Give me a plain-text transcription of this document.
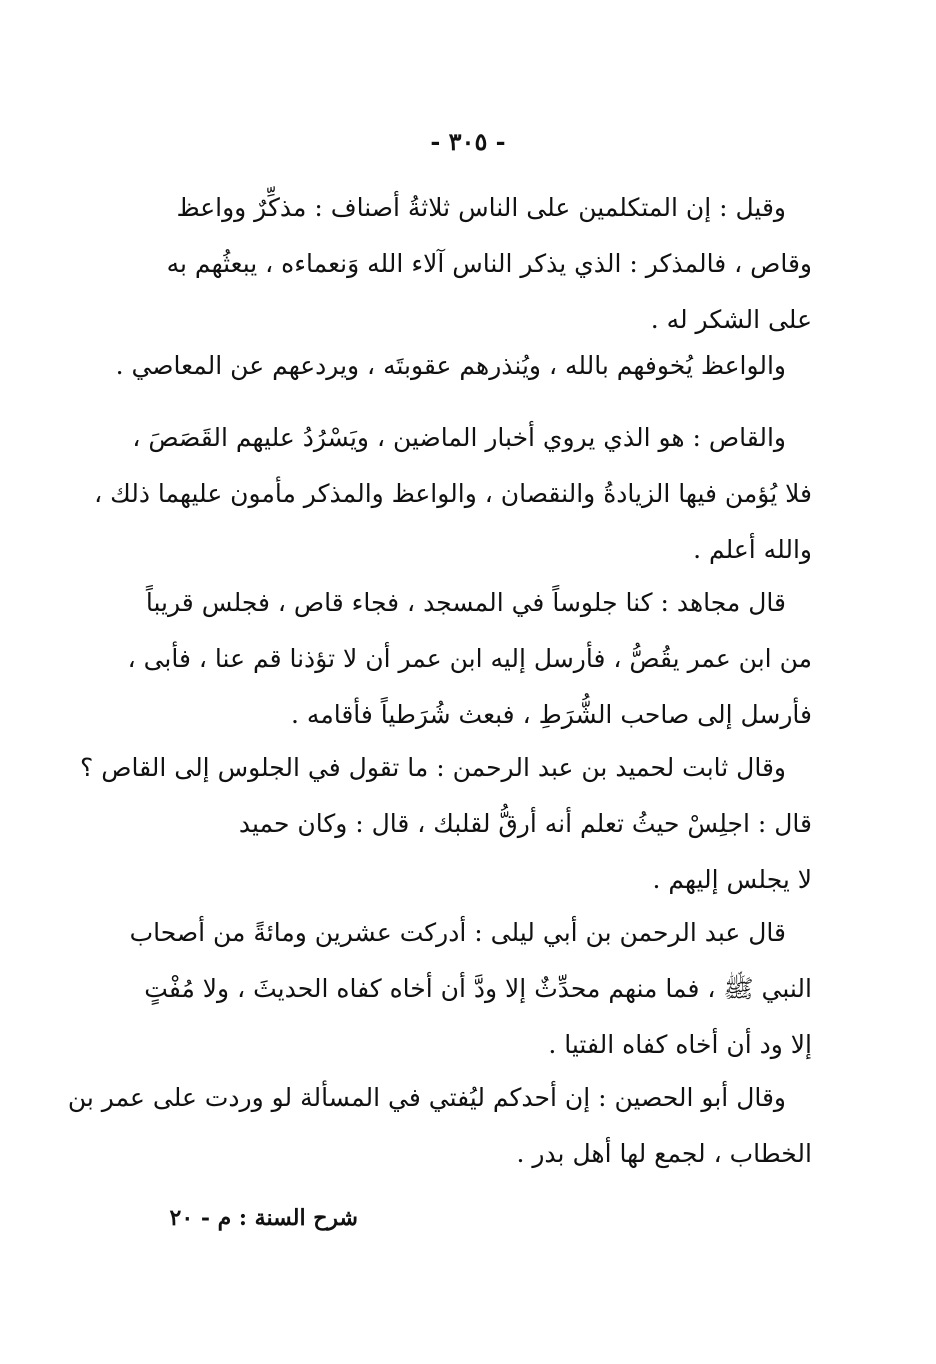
- ٣٠٥ -
وقيل : إن المتكلمين على الناس ثلاثةُ أصناف : مذكِّرٌ وواعظ
وقاص ، فالمذكر : الذي يذكر الناس آلاء الله وَنعماءه ، يبعثُهم به
على الشكر له .
والواعظ يُخوفهم بالله ، ويُنذرهم عقوبتَه ، ويردعهم عن المعاصي .
والقاص : هو الذي يروي أخبار الماضين ، ويَسْرُدُ عليهم القَصَصَ ،
فلا يُؤمن فيها الزيادةُ والنقصان ، والواعظ والمذكر مأمون عليهما ذلك ،
والله أعلم .
قال مجاهد : كنا جلوساً في المسجد ، فجاء قاص ، فجلس قريباً
من ابن عمر يقُصُّ ، فأرسل إليه ابن عمر أن لا تؤذنا قم عنا ، فأبى ،
فأرسل إلى صاحب الشُّرَطِ ، فبعث شُرَطياً فأقامه .
وقال ثابت لحميد بن عبد الرحمن : ما تقول في الجلوس إلى القاص ؟
قال : اجلِسْ حيثُ تعلم أنه أرقُّ لقلبك ، قال : وكان حميد
لا يجلس إليهم .
قال عبد الرحمن بن أبي ليلى : أدركت عشرين ومائةً من أصحاب
النبي ﷺ ، فما منهم محدِّثٌ إلا ودَّ أن أخاه كفاه الحديثَ ، ولا مُفْتٍ
إلا ود أن أخاه كفاه الفتيا .
وقال أبو الحصين : إن أحدكم ليُفتي في المسألة لو وردت على عمر بن
الخطاب ، لجمع لها أهل بدر .
شرح السنة : م - ٢٠
